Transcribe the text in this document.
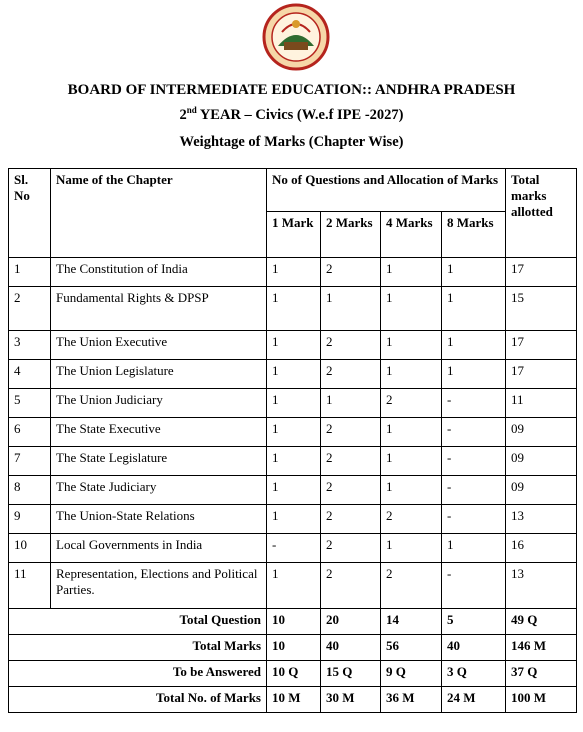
BOARD OF INTERMEDIATE EDUCATION:: ANDHRA PRADESH
2nd YEAR – Civics (W.e.f IPE -2027)
Weightage of Marks (Chapter Wise)
Sl. No	Name of the Chapter	No of Questions and Allocation of Marks				Total marks allotted
		1 Mark	2 Marks	4 Marks	8 Marks	
1	The Constitution of India	1	2	1	1	17
2	Fundamental Rights & DPSP	1	1	1	1	15
3	The Union Executive	1	2	1	1	17
4	The Union Legislature	1	2	1	1	17
5	The Union Judiciary	1	1	2	-	11
6	The State Executive	1	2	1	-	09
7	The State Legislature	1	2	1	-	09
8	The State Judiciary	1	2	1	-	09
9	The Union-State Relations	1	2	2	-	13
10	Local Governments in India	-	2	1	1	16
11	Representation, Elections and Political Parties.	1	2	2	-	13
Total Question		10	20	14	5	49 Q
Total Marks		10	40	56	40	146 M
To be Answered		10 Q	15 Q	9 Q	3 Q	37 Q
Total No. of Marks		10 M	30 M	36 M	24 M	100 M
